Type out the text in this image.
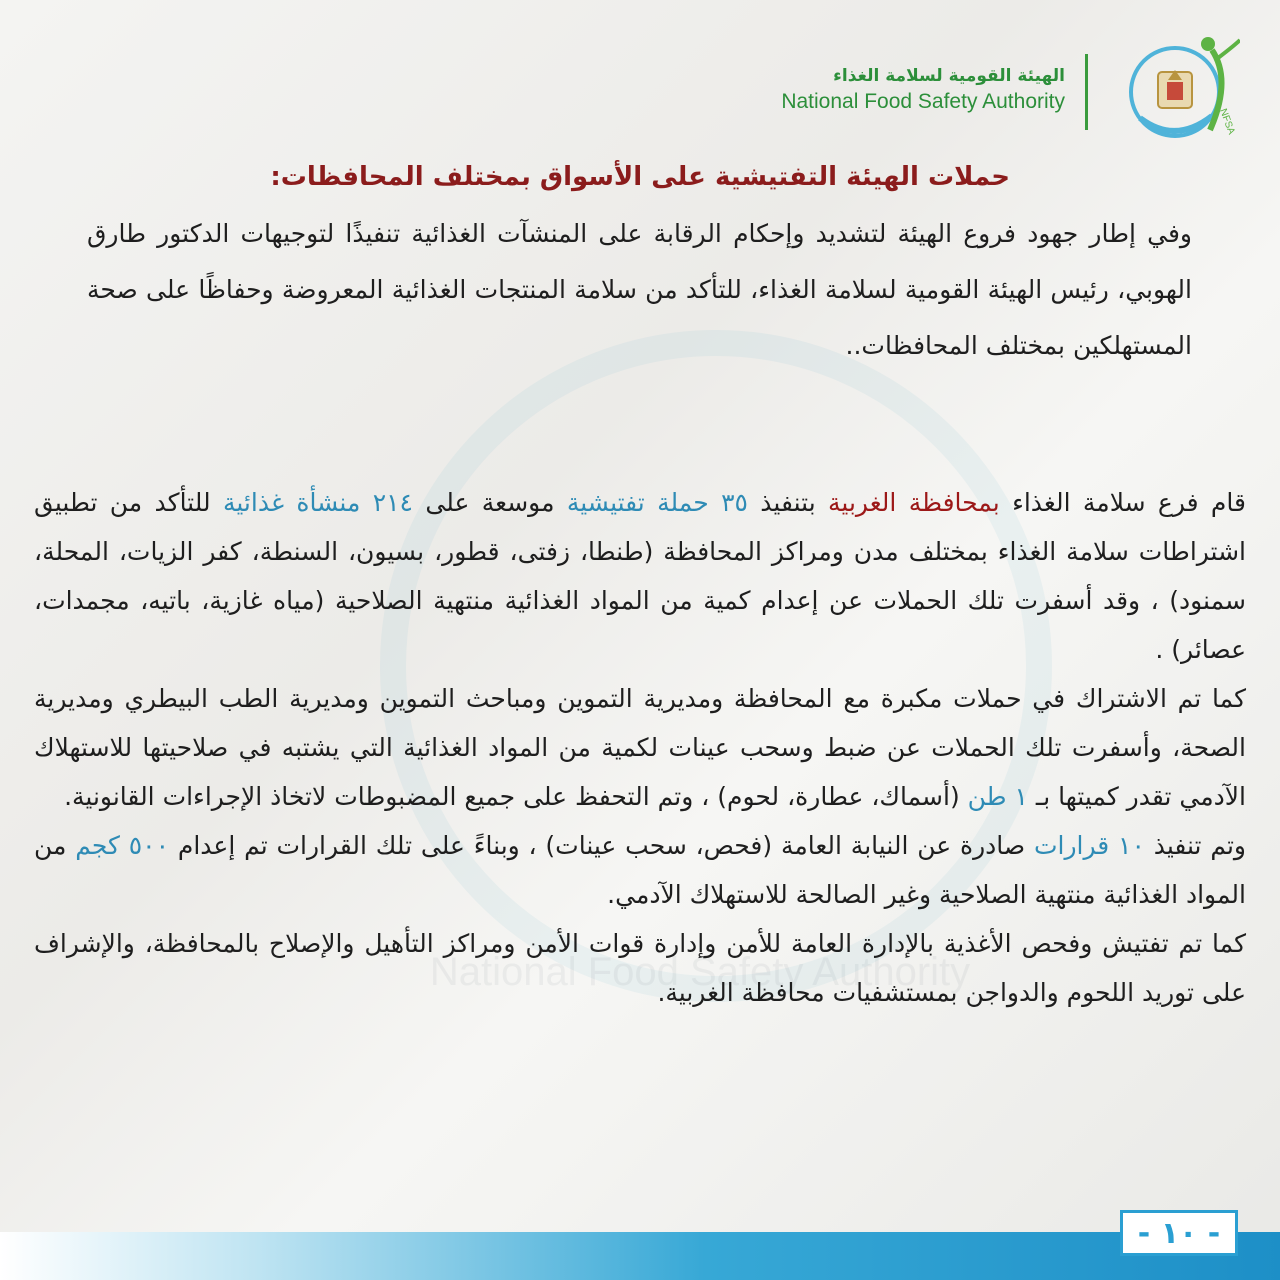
National Food Safety Authority
NFSA
الهيئة القومية لسلامة الغذاء
National Food Safety Authority
حملات الهيئة التفتيشية على الأسواق بمختلف المحافظات:
وفي إطار جهود فروع الهيئة لتشديد وإحكام الرقابة على المنشآت الغذائية تنفيذًا لتوجيهات الدكتور طارق الهوبي، رئيس الهيئة القومية لسلامة الغذاء، للتأكد من سلامة المنتجات الغذائية المعروضة وحفاظًا على صحة المستهلكين بمختلف المحافظات..

قام فرع سلامة الغذاء بمحافظة الغربية بتنفيذ ٣٥ حملة تفتيشية موسعة على ٢١٤ منشأة غذائية للتأكد من تطبيق اشتراطات سلامة الغذاء بمختلف مدن ومراكز المحافظة (طنطا، زفتى، قطور، بسيون، السنطة، كفر الزيات، المحلة، سمنود) ، وقد أسفرت تلك الحملات عن إعدام كمية من المواد الغذائية منتهية الصلاحية (مياه غازية، باتيه، مجمدات، عصائر) .

كما تم الاشتراك في حملات مكبرة مع المحافظة ومديرية التموين ومباحث التموين ومديرية الطب البيطري ومديرية الصحة، وأسفرت تلك الحملات عن ضبط وسحب عينات لكمية من المواد الغذائية التي يشتبه في صلاحيتها للاستهلاك الآدمي تقدر كميتها بـ ١ طن (أسماك، عطارة، لحوم) ، وتم التحفظ على جميع المضبوطات لاتخاذ الإجراءات القانونية.

وتم تنفيذ ١٠ قرارات صادرة عن النيابة العامة (فحص، سحب عينات) ، وبناءً على تلك القرارات تم إعدام ٥٠٠ كجم من المواد الغذائية منتهية الصلاحية وغير الصالحة للاستهلاك الآدمي.

كما تم تفتيش وفحص الأغذية بالإدارة العامة للأمن وإدارة قوات الأمن ومراكز التأهيل والإصلاح بالمحافظة، والإشراف على توريد اللحوم والدواجن بمستشفيات محافظة الغربية.

- ١٠ -
